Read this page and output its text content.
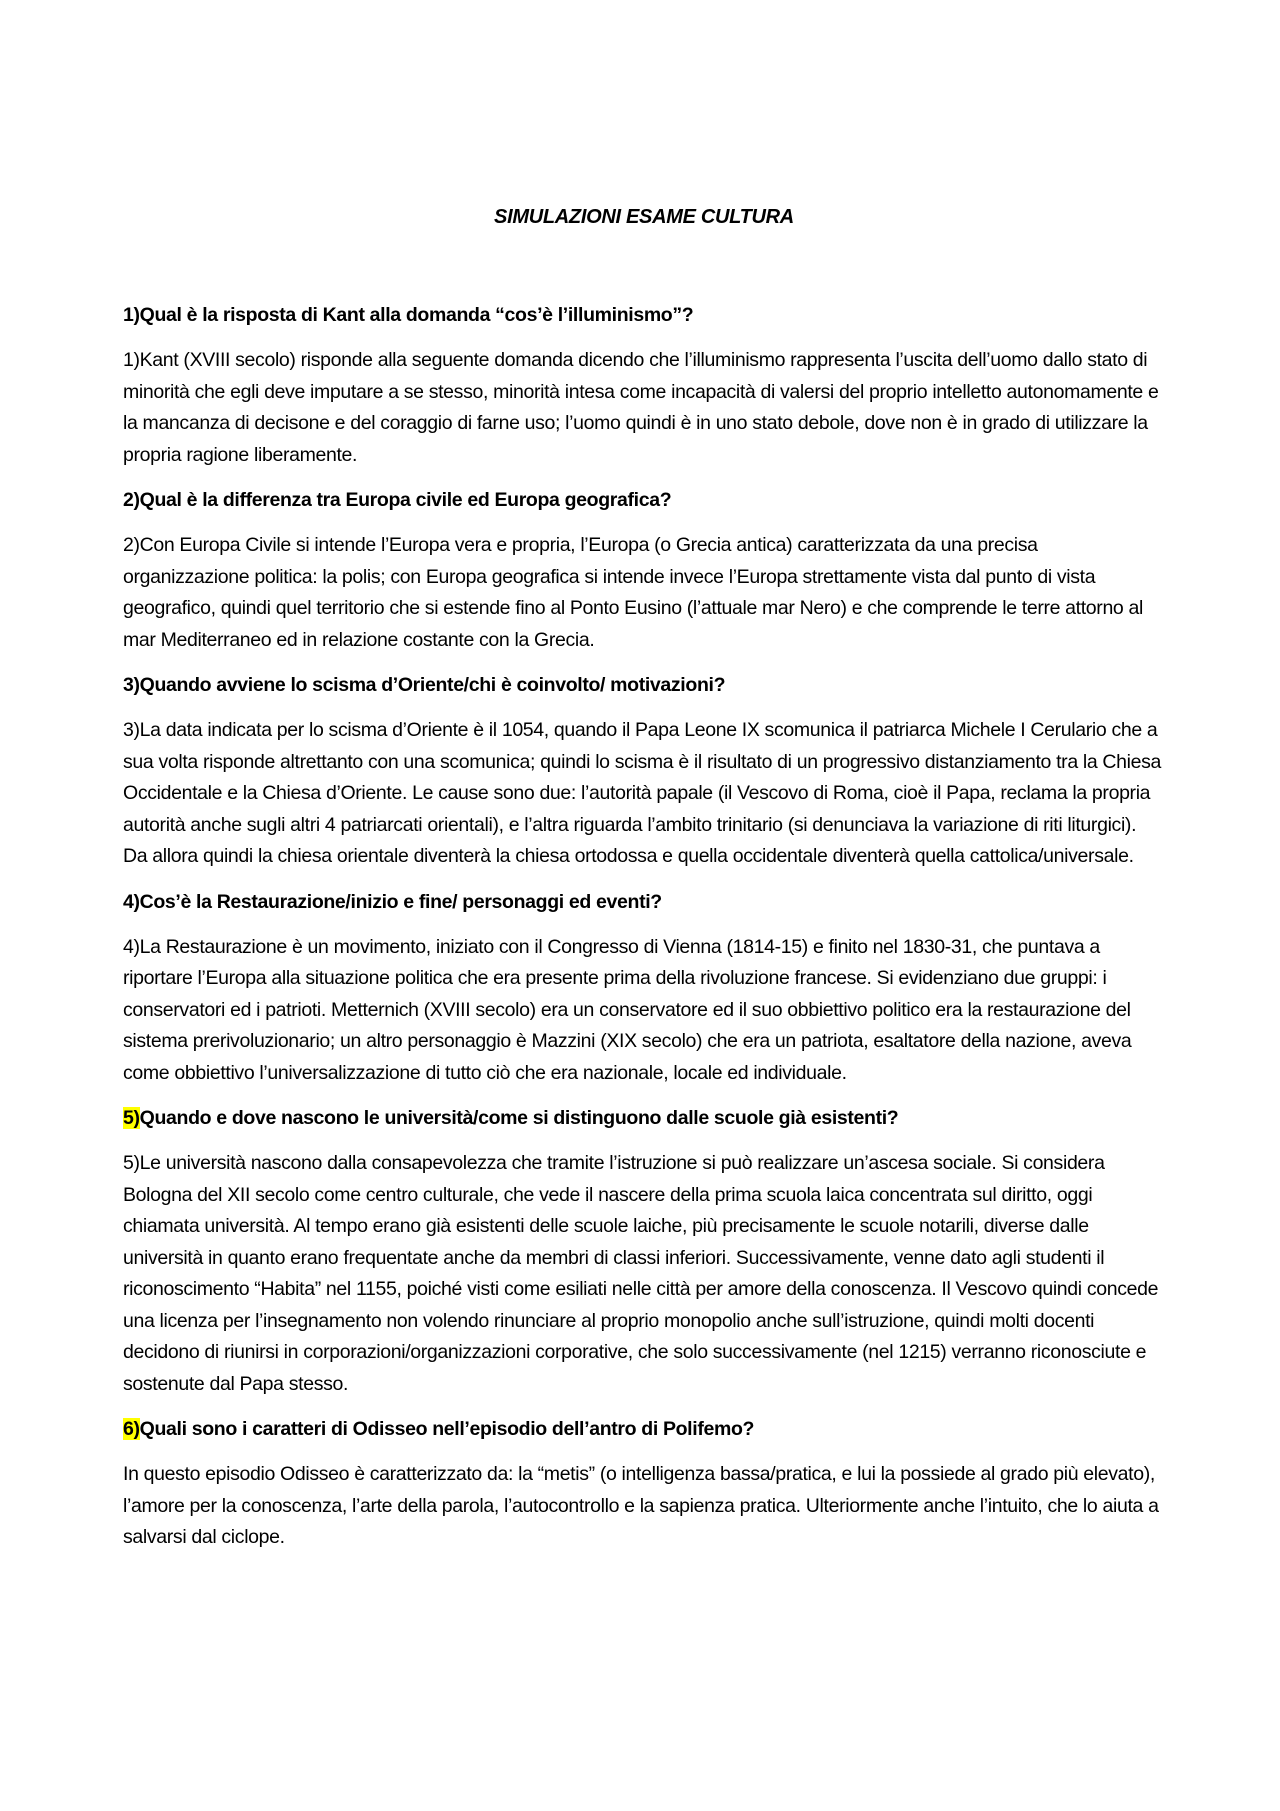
SIMULAZIONI ESAME CULTURA
1)Qual è la risposta di Kant alla domanda “cos’è l’illuminismo”?
1)Kant (XVIII secolo) risponde alla seguente domanda dicendo che l’illuminismo rappresenta l’uscita dell’uomo dallo stato di minorità che egli deve imputare a se stesso, minorità intesa come incapacità di valersi del proprio intelletto autonomamente e la mancanza di decisone e del coraggio di farne uso; l’uomo quindi è in uno stato debole, dove non è in grado di utilizzare la propria ragione liberamente.
2)Qual è la differenza tra Europa civile ed Europa geografica?
2)Con Europa Civile si intende l’Europa vera e propria, l’Europa (o Grecia antica) caratterizzata da una precisa organizzazione politica: la polis; con Europa geografica si intende invece l’Europa strettamente vista dal punto di vista geografico, quindi quel territorio che si estende fino al Ponto Eusino (l’attuale mar Nero) e che comprende le terre attorno al mar Mediterraneo ed in relazione costante con la Grecia.
3)Quando avviene lo scisma d’Oriente/chi è coinvolto/ motivazioni?
3)La data indicata per lo scisma d’Oriente è il 1054, quando il Papa Leone IX scomunica il patriarca Michele I Cerulario che a sua volta risponde altrettanto con una scomunica; quindi lo scisma è il risultato di un progressivo distanziamento tra la Chiesa Occidentale e la Chiesa d’Oriente. Le cause sono due: l’autorità papale (il Vescovo di Roma, cioè il Papa, reclama la propria autorità anche sugli altri 4 patriarcati orientali), e l’altra riguarda l’ambito trinitario (si denunciava la variazione di riti liturgici). Da allora quindi la chiesa orientale diventerà la chiesa ortodossa e quella occidentale diventerà quella cattolica/universale.
4)Cos’è la Restaurazione/inizio e fine/ personaggi ed eventi?
4)La Restaurazione è un movimento, iniziato con il Congresso di Vienna (1814-15) e finito nel 1830-31, che puntava a riportare l’Europa alla situazione politica che era presente prima della rivoluzione francese. Si evidenziano due gruppi: i conservatori ed i patrioti. Metternich (XVIII secolo) era un conservatore ed il suo obbiettivo politico era la restaurazione del sistema prerivoluzionario; un altro personaggio è Mazzini (XIX secolo) che era un patriota, esaltatore della nazione, aveva come obbiettivo l’universalizzazione di tutto ciò che era nazionale, locale ed individuale.
5)Quando e dove nascono le università/come si distinguono dalle scuole già esistenti?
5)Le università nascono dalla consapevolezza che tramite l’istruzione si può realizzare un’ascesa sociale. Si considera Bologna del XII secolo come centro culturale, che vede il nascere della prima scuola laica concentrata sul diritto, oggi chiamata università. Al tempo erano già esistenti delle scuole laiche, più precisamente le scuole notarili, diverse dalle università in quanto erano frequentate anche da membri di classi inferiori. Successivamente, venne dato agli studenti il riconoscimento “Habita” nel 1155, poiché visti come esiliati nelle città per amore della conoscenza. Il Vescovo quindi concede una licenza per l’insegnamento non volendo rinunciare al proprio monopolio anche sull’istruzione, quindi molti docenti decidono di riunirsi in corporazioni/organizzazioni corporative, che solo successivamente (nel 1215) verranno riconosciute e sostenute dal Papa stesso.
6)Quali sono i caratteri di Odisseo nell’episodio dell’antro di Polifemo?
In questo episodio Odisseo è caratterizzato da: la “metis” (o intelligenza bassa/pratica, e lui la possiede al grado più elevato), l’amore per la conoscenza, l’arte della parola, l’autocontrollo e la sapienza pratica. Ulteriormente anche l’intuito, che lo aiuta a salvarsi dal ciclope.
